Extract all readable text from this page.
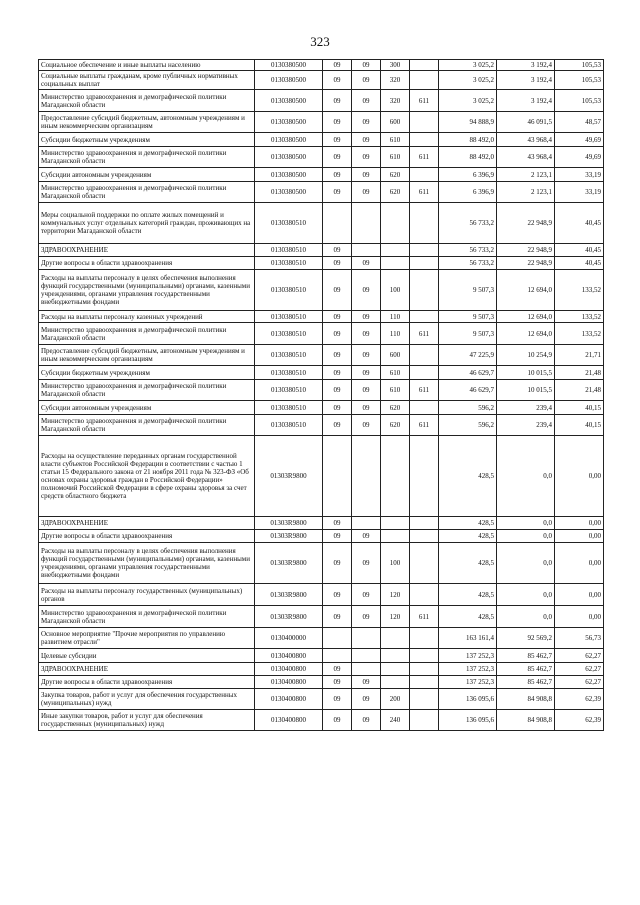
323
Социальное обеспечение и иные выплаты населению	0130380500	09	09	300		3 025,2	3 192,4	105,53
Социальные выплаты гражданам, кроме публичных нормативных социальных выплат	0130380500	09	09	320		3 025,2	3 192,4	105,53
Министерство здравоохранения и демографической политики Магаданской области	0130380500	09	09	320	611	3 025,2	3 192,4	105,53
Предоставление субсидий бюджетным, автономным учреждениям и иным некоммерческим организациям	0130380500	09	09	600		94 888,9	46 091,5	48,57
Субсидии бюджетным учреждениям	0130380500	09	09	610		88 492,0	43 968,4	49,69
Министерство здравоохранения и демографической политики Магаданской области	0130380500	09	09	610	611	88 492,0	43 968,4	49,69
Субсидии автономным учреждениям	0130380500	09	09	620		6 396,9	2 123,1	33,19
Министерство здравоохранения и демографической политики Магаданской области	0130380500	09	09	620	611	6 396,9	2 123,1	33,19
Меры социальной поддержки по оплате жилых помещений и коммунальных услуг отдельных категорий граждан, проживающих на территории Магаданской области	0130380510					56 733,2	22 948,9	40,45
ЗДРАВООХРАНЕНИЕ	0130380510	09				56 733,2	22 948,9	40,45
Другие вопросы в области здравоохранения	0130380510	09	09			56 733,2	22 948,9	40,45
Расходы на выплаты персоналу в целях обеспечения выполнения функций государственными (муниципальными) органами, казенными учреждениями, органами управления государственными внебюджетными фондами	0130380510	09	09	100		9 507,3	12 694,0	133,52
Расходы на выплаты персоналу казенных учреждений	0130380510	09	09	110		9 507,3	12 694,0	133,52
Министерство здравоохранения и демографической политики Магаданской области	0130380510	09	09	110	611	9 507,3	12 694,0	133,52
Предоставление субсидий бюджетным, автономным учреждениям и иным некоммерческим организациям	0130380510	09	09	600		47 225,9	10 254,9	21,71
Субсидии бюджетным учреждениям	0130380510	09	09	610		46 629,7	10 015,5	21,48
Министерство здравоохранения и демографической политики Магаданской области	0130380510	09	09	610	611	46 629,7	10 015,5	21,48
Субсидии автономным учреждениям	0130380510	09	09	620		596,2	239,4	40,15
Министерство здравоохранения и демографической политики Магаданской области	0130380510	09	09	620	611	596,2	239,4	40,15
Расходы на осуществление переданных органам государственной власти субъектов Российской Федерации в соответствии с частью 1 статьи 15 Федерального закона от 21 ноября 2011 года № 323-ФЗ «Об основах охраны здоровья граждан в Российской Федерации» полномочий Российской Федерации в сфере охраны здоровья за счет средств областного бюджета	01303R9800					428,5	0,0	0,00
ЗДРАВООХРАНЕНИЕ	01303R9800	09				428,5	0,0	0,00
Другие вопросы в области здравоохранения	01303R9800	09	09			428,5	0,0	0,00
Расходы на выплаты персоналу в целях обеспечения выполнения функций государственными (муниципальными) органами, казенными учреждениями, органами управления государственными внебюджетными фондами	01303R9800	09	09	100		428,5	0,0	0,00
Расходы на выплаты персоналу государственных (муниципальных) органов	01303R9800	09	09	120		428,5	0,0	0,00
Министерство здравоохранения и демографической политики Магаданской области	01303R9800	09	09	120	611	428,5	0,0	0,00
Основное мероприятие "Прочие мероприятия по управлению развитием отрасли"	0130400000					163 161,4	92 569,2	56,73
Целевые субсидии	0130400800					137 252,3	85 462,7	62,27
ЗДРАВООХРАНЕНИЕ	0130400800	09				137 252,3	85 462,7	62,27
Другие вопросы в области здравоохранения	0130400800	09	09			137 252,3	85 462,7	62,27
Закупка товаров, работ и услуг для обеспечения государственных (муниципальных) нужд	0130400800	09	09	200		136 095,6	84 908,8	62,39
Иные закупки товаров, работ и услуг для обеспечения государственных (муниципальных) нужд	0130400800	09	09	240		136 095,6	84 908,8	62,39
